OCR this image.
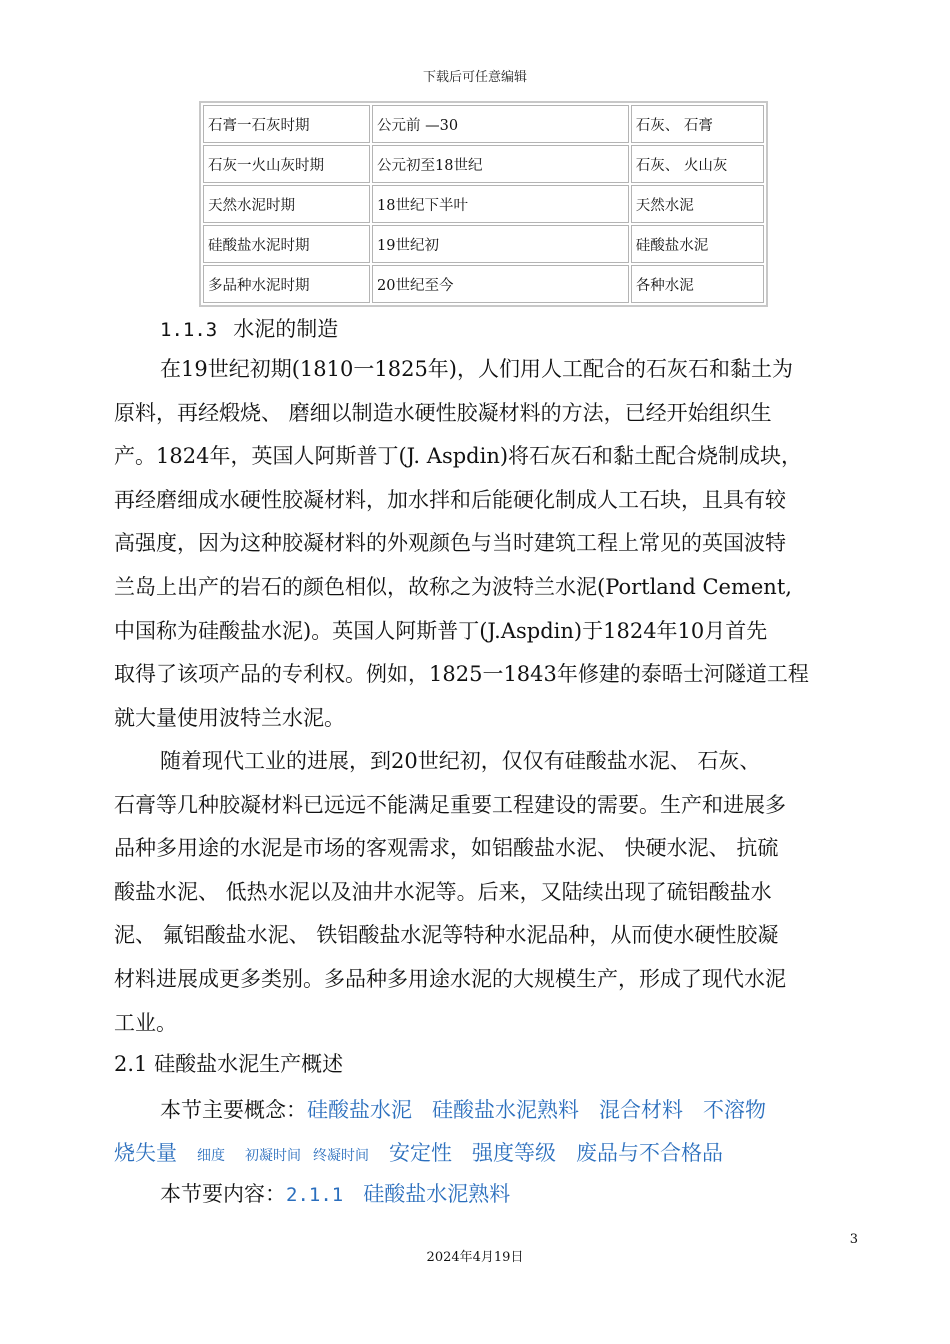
下载后可任意编辑
石膏一石灰时期	公元前 —30	石灰、 石膏
石灰一火山灰时期	公元初至18世纪	石灰、 火山灰
天然水泥时期	18世纪下半叶	天然水泥
硅酸盐水泥时期	19世纪初	硅酸盐水泥
多品种水泥时期	20世纪至今	各种水泥
1.1.3 水泥的制造
在19世纪初期(1810一1825年)，人们用人工配合的石灰石和黏土为
原料，再经煅烧、 磨细以制造水硬性胶凝材料的方法，已经开始组织生
产。1824年，英国人阿斯普丁(J. Aspdin)将石灰石和黏土配合烧制成块，
再经磨细成水硬性胶凝材料，加水拌和后能硬化制成人工石块，且具有较
高强度，因为这种胶凝材料的外观颜色与当时建筑工程上常见的英国波特
兰岛上出产的岩石的颜色相似，故称之为波特兰水泥(Portland Cement,
中国称为硅酸盐水泥)。英国人阿斯普丁(J.Aspdin)于1824年10月首先
取得了该项产品的专利权。例如，1825一1843年修建的泰晤士河隧道工程
就大量使用波特兰水泥。
随着现代工业的进展，到20世纪初，仅仅有硅酸盐水泥、 石灰、
石膏等几种胶凝材料已远远不能满足重要工程建设的需要。生产和进展多
品种多用途的水泥是市场的客观需求，如铝酸盐水泥、 快硬水泥、 抗硫
酸盐水泥、 低热水泥以及油井水泥等。后来，又陆续出现了硫铝酸盐水
泥、 氟铝酸盐水泥、 铁铝酸盐水泥等特种水泥品种，从而使水硬性胶凝
材料进展成更多类别。多品种多用途水泥的大规模生产，形成了现代水泥
工业。
2.1 硅酸盐水泥生产概述
本节主要概念：硅酸盐水泥 硅酸盐水泥熟料 混合材料 不溶物
烧失量 细度 初凝时间 终凝时间 安定性 强度等级 废品与不合格品
本节要内容：2.1.1 硅酸盐水泥熟料
3
2024年4月19日
